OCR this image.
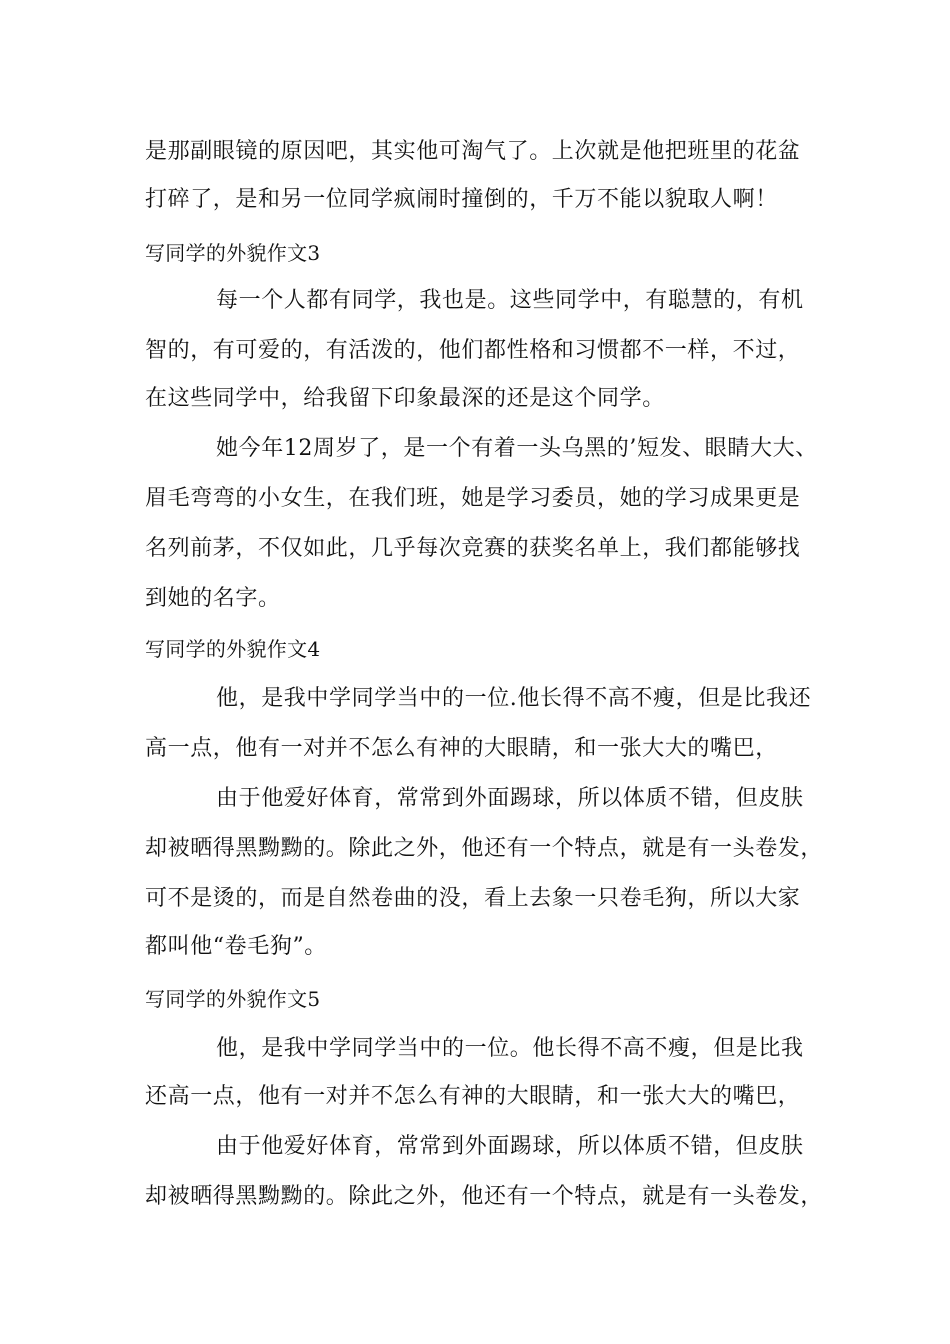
是那副眼镜的原因吧，其实他可淘气了。上次就是他把班里的花盆
打碎了，是和另一位同学疯闹时撞倒的，千万不能以貌取人啊！
写同学的外貌作文3
每一个人都有同学，我也是。这些同学中，有聪慧的，有机
智的，有可爱的，有活泼的，他们都性格和习惯都不一样，不过，
在这些同学中，给我留下印象最深的还是这个同学。
她今年12周岁了，是一个有着一头乌黑的’短发、眼睛大大、
眉毛弯弯的小女生，在我们班，她是学习委员，她的学习成果更是
名列前茅，不仅如此，几乎每次竞赛的获奖名单上，我们都能够找
到她的名字。
写同学的外貌作文4
他，是我中学同学当中的一位.他长得不高不瘦，但是比我还
高一点，他有一对并不怎么有神的大眼睛，和一张大大的嘴巴，
由于他爱好体育，常常到外面踢球，所以体质不错，但皮肤
却被晒得黑黝黝的。除此之外，他还有一个特点，就是有一头卷发，
可不是烫的，而是自然卷曲的没，看上去象一只卷毛狗，所以大家
都叫他“卷毛狗”。
写同学的外貌作文5
他，是我中学同学当中的一位。他长得不高不瘦，但是比我
还高一点，他有一对并不怎么有神的大眼睛，和一张大大的嘴巴，
由于他爱好体育，常常到外面踢球，所以体质不错，但皮肤
却被晒得黑黝黝的。除此之外，他还有一个特点，就是有一头卷发，
